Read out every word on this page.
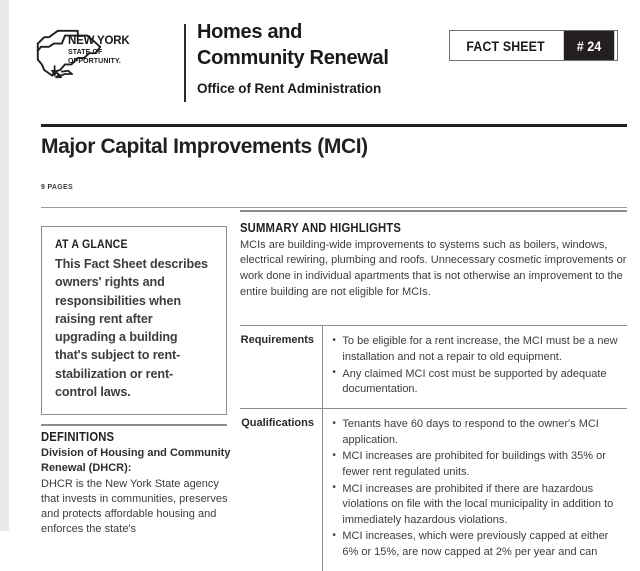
NEW YORK
STATE OF
OPPORTUNITY.
Homes and
Community Renewal
Office of Rent Administration
FACT SHEET	# 24
Major Capital Improvements (MCI)
9 PAGES
AT A GLANCE
This Fact Sheet describes owners' rights and responsibilities when raising rent after upgrading a building that's subject to rent-stabilization or rent-control laws.
DEFINITIONS
Division of Housing and Community Renewal (DHCR):
DHCR is the New York State agency that invests in communities, preserves and protects affordable housing and enforces the state's
SUMMARY AND HIGHLIGHTS
MCIs are building-wide improvements to systems such as boilers, windows, electrical rewiring, plumbing and roofs. Unnecessary cosmetic improvements or work done in individual apartments that is not otherwise an improvement to the entire building are not eligible for MCIs.
Requirements	• To be eligible for a rent increase, the MCI must be a new installation and not a repair to old equipment.
• Any claimed MCI cost must be supported by adequate documentation.
Qualifications	• Tenants have 60 days to respond to the owner's MCI application.
• MCI increases are prohibited for buildings with 35% or fewer rent regulated units.
• MCI increases are prohibited if there are hazardous violations on file with the local municipality in addition to immediately hazardous violations.
• MCI increases, which were previously capped at either 6% or 15%, are now capped at 2% per year and can
